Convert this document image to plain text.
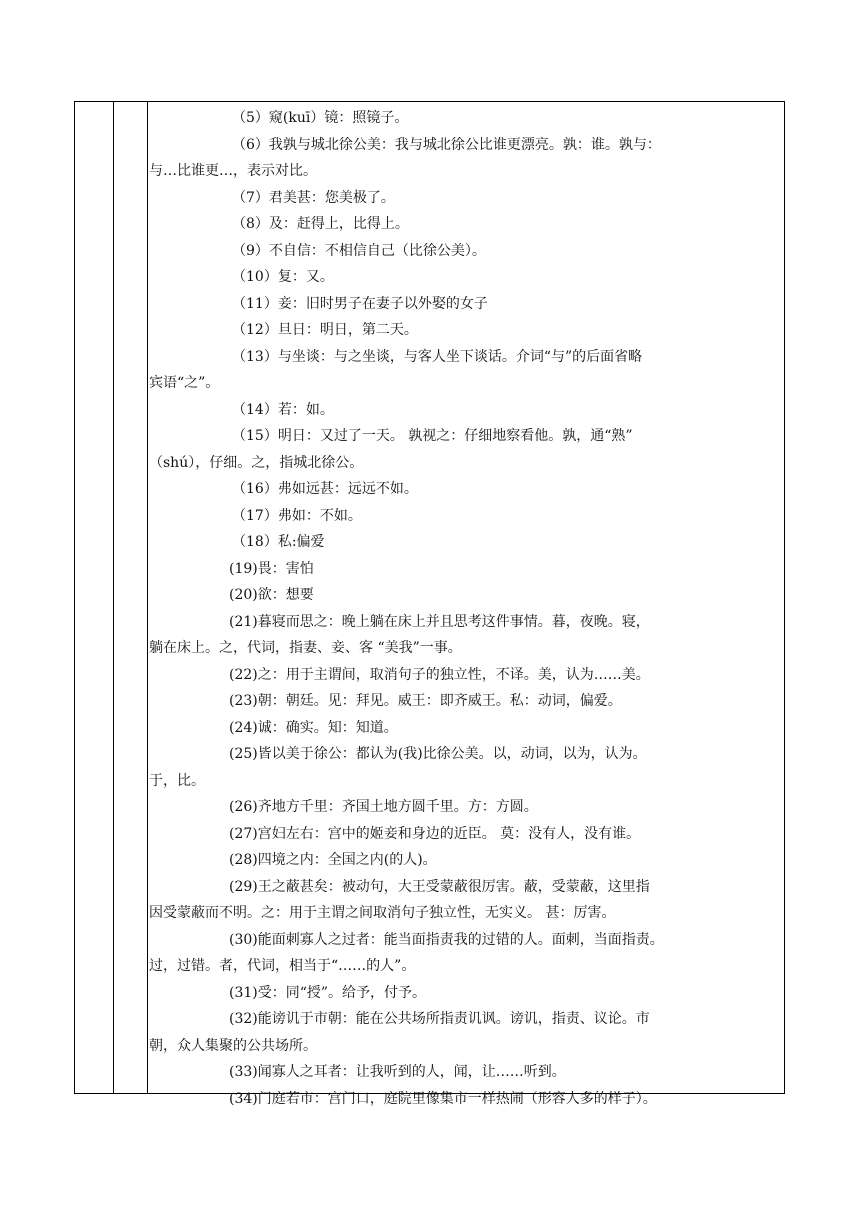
（5）窥(kuī）镜：照镜子。
（6）我孰与城北徐公美：我与城北徐公比谁更漂亮。孰：谁。孰与：
与…比谁更…，表示对比。
（7）君美甚：您美极了。
（8）及：赶得上，比得上。
（9）不自信：不相信自己（比徐公美）。
（10）复：又。
（11）妾：旧时男子在妻子以外娶的女子
（12）旦日：明日，第二天。
（13）与坐谈：与之坐谈，与客人坐下谈话。介词“与”的后面省略
宾语“之”。
（14）若：如。
（15）明日：又过了一天。 孰视之：仔细地察看他。孰，通“熟”
（shú），仔细。之，指城北徐公。
（16）弗如远甚：远远不如。
（17）弗如：不如。
（18）私:偏爱
(19)畏：害怕
(20)欲：想要
(21)暮寝而思之：晚上躺在床上并且思考这件事情。暮，夜晚。寝，
躺在床上。之，代词，指妻、妾、客 “美我”一事。
(22)之：用于主谓间，取消句子的独立性，不译。美，认为……美。
(23)朝：朝廷。见：拜见。威王：即齐威王。私：动词，偏爱。
(24)诚：确实。知：知道。
(25)皆以美于徐公：都认为(我)比徐公美。以，动词，以为，认为。
于，比。
(26)齐地方千里：齐国土地方圆千里。方：方圆。
(27)宫妇左右：宫中的姬妾和身边的近臣。 莫：没有人，没有谁。
(28)四境之内：全国之内(的人)。
(29)王之蔽甚矣：被动句，大王受蒙蔽很厉害。蔽，受蒙蔽，这里指
因受蒙蔽而不明。之：用于主谓之间取消句子独立性，无实义。 甚：厉害。
(30)能面刺寡人之过者：能当面指责我的过错的人。面刺，当面指责。
过，过错。者，代词，相当于“……的人”。
(31)受：同“授”。给予，付予。
(32)能谤讥于市朝：能在公共场所指责讥讽。谤讥，指责、议论。市
朝，众人集聚的公共场所。
(33)闻寡人之耳者：让我听到的人，闻，让……听到。
(34)门庭若市：宫门口，庭院里像集市一样热闹（形容人多的样子）。
